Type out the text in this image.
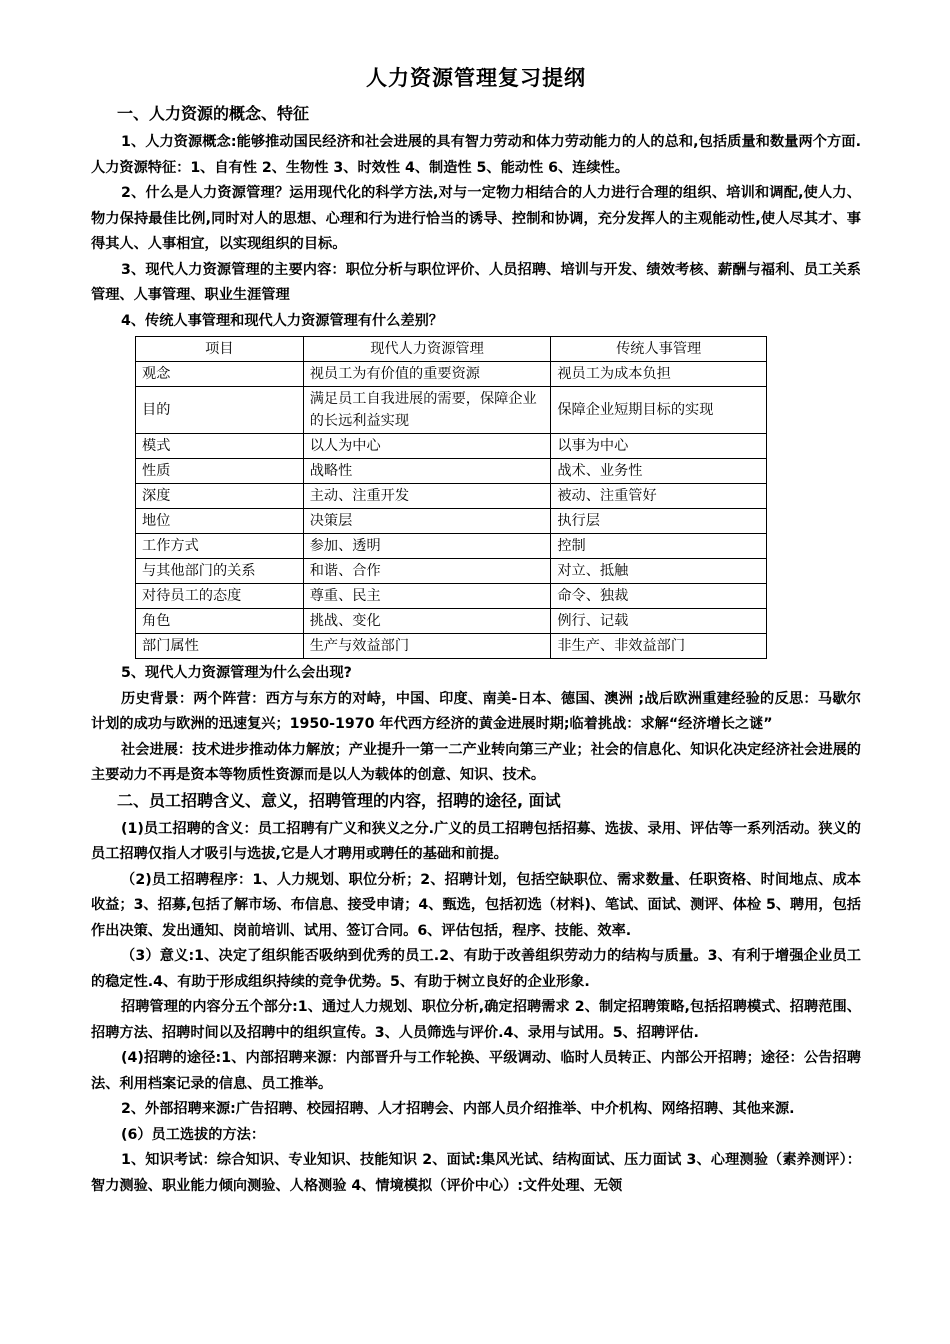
人力资源管理复习提纲
一、人力资源的概念、特征

1、人力资源概念:能够推动国民经济和社会进展的具有智力劳动和体力劳动能力的人的总和,包括质量和数量两个方面.人力资源特征：1、自有性 2、生物性 3、时效性 4、制造性 5、能动性 6、连续性。

2、什么是人力资源管理？运用现代化的科学方法,对与一定物力相结合的人力进行合理的组织、培训和调配,使人力、物力保持最佳比例,同时对人的思想、心理和行为进行恰当的诱导、控制和协调，充分发挥人的主观能动性,使人尽其才、事得其人、人事相宜，以实现组织的目标。

3、现代人力资源管理的主要内容：职位分析与职位评价、人员招聘、培训与开发、绩效考核、薪酬与福利、员工关系管理、人事管理、职业生涯管理

4、传统人事管理和现代人力资源管理有什么差别？

项目	现代人力资源管理	传统人事管理
观念	视员工为有价值的重要资源	视员工为成本负担
目的	满足员工自我进展的需要，保障企业的长远利益实现	保障企业短期目标的实现
模式	以人为中心	以事为中心
性质	战略性	战术、业务性
深度	主动、注重开发	被动、注重管好
地位	决策层	执行层
工作方式	参加、透明	控制
与其他部门的关系	和谐、合作	对立、抵触
对待员工的态度	尊重、民主	命令、独裁
角色	挑战、变化	例行、记载
部门属性	生产与效益部门	非生产、非效益部门

5、现代人力资源管理为什么会出现?

历史背景：两个阵营：西方与东方的对峙，中国、印度、南美-日本、德国、澳洲 ;战后欧洲重建经验的反思：马歇尔计划的成功与欧洲的迅速复兴；1950-1970 年代西方经济的黄金进展时期;临着挑战：求解“经济增长之谜”

社会进展：技术进步推动体力解放；产业提升一第一二产业转向第三产业；社会的信息化、知识化决定经济社会进展的主要动力不再是资本等物质性资源而是以人为载体的创意、知识、技术。

二、员工招聘含义、意义，招聘管理的内容，招聘的途径, 面试

(1)员工招聘的含义：员工招聘有广义和狭义之分.广义的员工招聘包括招募、选拔、录用、评估等一系列活动。狭义的员工招聘仅指人才吸引与选拔,它是人才聘用或聘任的基础和前提。

（2)员工招聘程序：1、人力规划、职位分析；2、招聘计划，包括空缺职位、需求数量、任职资格、时间地点、成本收益；3、招募,包括了解市场、布信息、接受申请；4、甄选，包括初选（材料)、笔试、面试、测评、体检 5、聘用，包括作出决策、发出通知、岗前培训、试用、签订合同。6、评估包括，程序、技能、效率.

（3）意义:1、决定了组织能否吸纳到优秀的员工.2、有助于改善组织劳动力的结构与质量。3、有利于增强企业员工的稳定性.4、有助于形成组织持续的竞争优势。5、有助于树立良好的企业形象.

招聘管理的内容分五个部分:1、通过人力规划、职位分析,确定招聘需求 2、制定招聘策略,包括招聘模式、招聘范围、招聘方法、招聘时间以及招聘中的组织宣传。3、人员筛选与评价.4、录用与试用。5、招聘评估.

(4)招聘的途径:1、内部招聘来源：内部晋升与工作轮换、平级调动、临时人员转正、内部公开招聘；途径：公告招聘法、利用档案记录的信息、员工推举。

2、外部招聘来源:广告招聘、校园招聘、人才招聘会、内部人员介绍推举、中介机构、网络招聘、其他来源.

(6）员工选拔的方法：

1、知识考试：综合知识、专业知识、技能知识 2、面试:集风光试、结构面试、压力面试 3、心理测验（素养测评）：智力测验、职业能力倾向测验、人格测验 4、情境模拟（评价中心）:文件处理、无领
